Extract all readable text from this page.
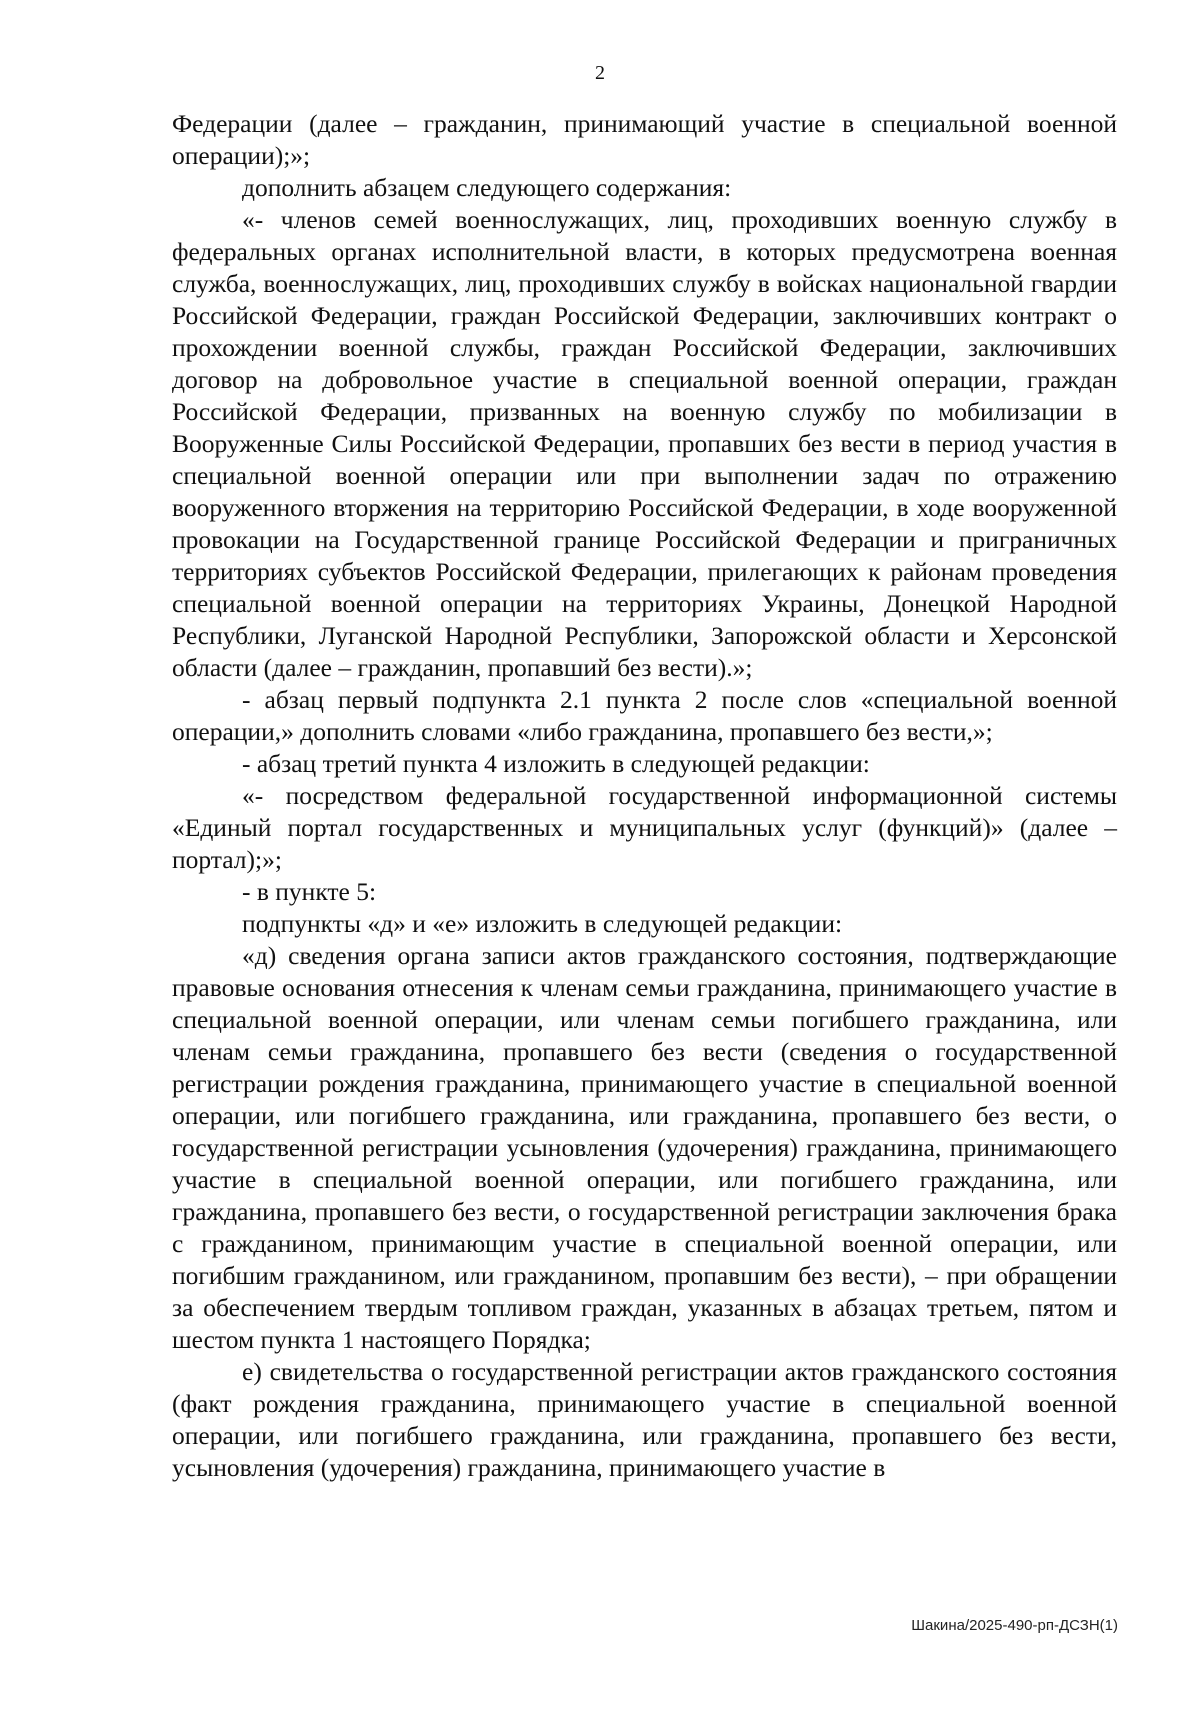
2

Федерации (далее – гражданин, принимающий участие в специальной военной операции);»;

дополнить абзацем следующего содержания:

«- членов семей военнослужащих, лиц, проходивших военную службу в федеральных органах исполнительной власти, в которых предусмотрена военная служба, военнослужащих, лиц, проходивших службу в войсках национальной гвардии Российской Федерации, граждан Российской Федерации, заключивших контракт о прохождении военной службы, граждан Российской Федерации, заключивших договор на добровольное участие в специальной военной операции, граждан Российской Федерации, призванных на военную службу по мобилизации в Вооруженные Силы Российской Федерации, пропавших без вести в период участия в специальной военной операции или при выполнении задач по отражению вооруженного вторжения на территорию Российской Федерации, в ходе вооруженной провокации на Государственной границе Российской Федерации и приграничных территориях субъектов Российской Федерации, прилегающих к районам проведения специальной военной операции на территориях Украины, Донецкой Народной Республики, Луганской Народной Республики, Запорожской области и Херсонской области (далее – гражданин, пропавший без вести).»;

- абзац первый подпункта 2.1 пункта 2 после слов «специальной военной операции,» дополнить словами «либо гражданина, пропавшего без вести,»;

- абзац третий пункта 4 изложить в следующей редакции:

«- посредством федеральной государственной информационной системы «Единый портал государственных и муниципальных услуг (функций)» (далее – портал);»;

- в пункте 5:

подпункты «д» и «е» изложить в следующей редакции:

«д) сведения органа записи актов гражданского состояния, подтверждающие правовые основания отнесения к членам семьи гражданина, принимающего участие в специальной военной операции, или членам семьи погибшего гражданина, или членам семьи гражданина, пропавшего без вести (сведения о государственной регистрации рождения гражданина, принимающего участие в специальной военной операции, или погибшего гражданина, или гражданина, пропавшего без вести, о государственной регистрации усыновления (удочерения) гражданина, принимающего участие в специальной военной операции, или погибшего гражданина, или гражданина, пропавшего без вести, о государственной регистрации заключения брака с гражданином, принимающим участие в специальной военной операции, или погибшим гражданином, или гражданином, пропавшим без вести), – при обращении за обеспечением твердым топливом граждан, указанных в абзацах третьем, пятом и шестом пункта 1 настоящего Порядка;

е) свидетельства о государственной регистрации актов гражданского состояния (факт рождения гражданина, принимающего участие в специальной военной операции, или погибшего гражданина, или гражданина, пропавшего без вести, усыновления (удочерения) гражданина, принимающего участие в

Шакина/2025-490-рп-ДСЗН(1)
